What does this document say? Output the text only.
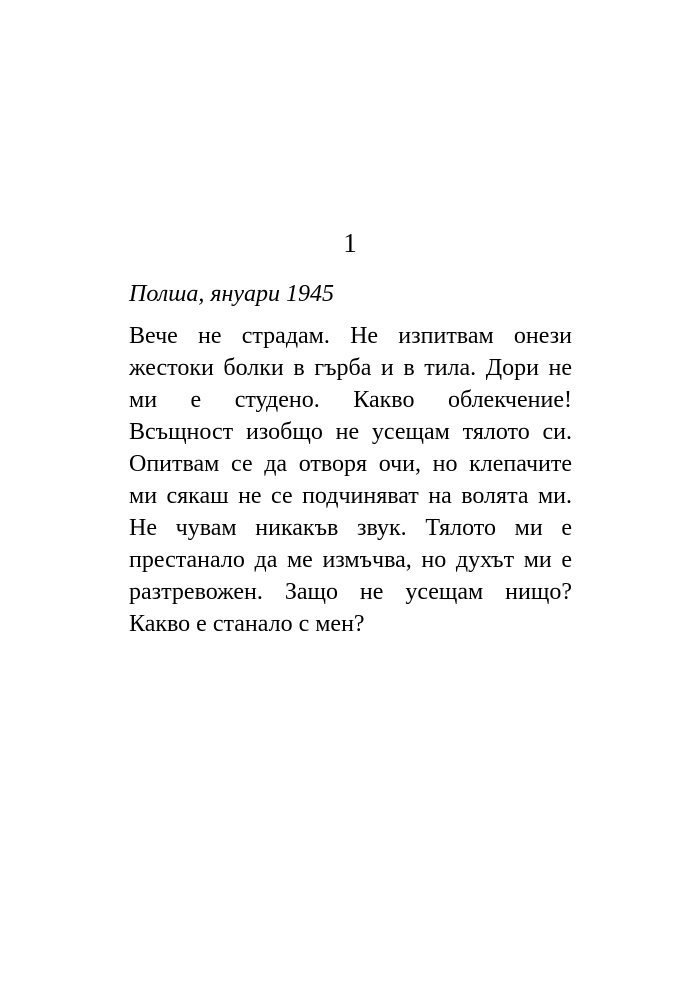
1
Полша, януари 1945
Вече не страдам. Не изпитвам онези
жестоки болки в гърба и в тила. Дори не
ми е студено. Какво облекчение!
Всъщност изобщо не усещам тялото си.
Опитвам се да отворя очи, но клепачите
ми сякаш не се подчиняват на волята ми.
Не чувам никакъв звук. Тялото ми е
престанало да ме измъчва, но духът ми е
разтревожен. Защо не усещам нищо?
Какво е станало с мен?
